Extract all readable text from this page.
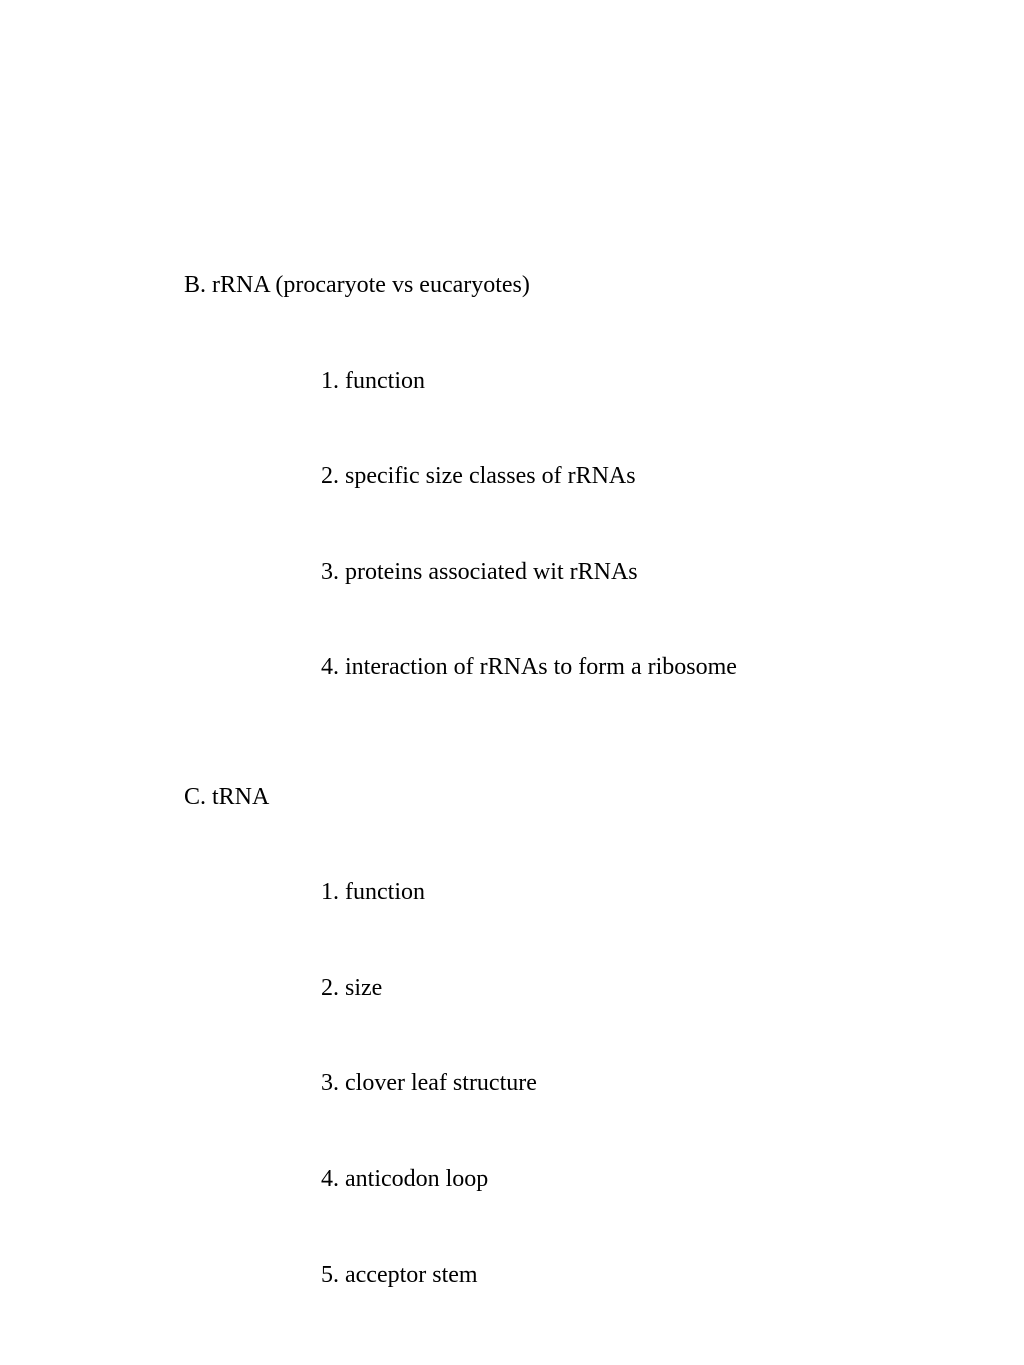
B. rRNA (procaryote vs eucaryotes)
1. function
2. specific size classes of rRNAs
3. proteins associated wit rRNAs
4. interaction of rRNAs to form a ribosome
C. tRNA
1. function
2. size
3. clover leaf structure
4. anticodon loop
5. acceptor stem
